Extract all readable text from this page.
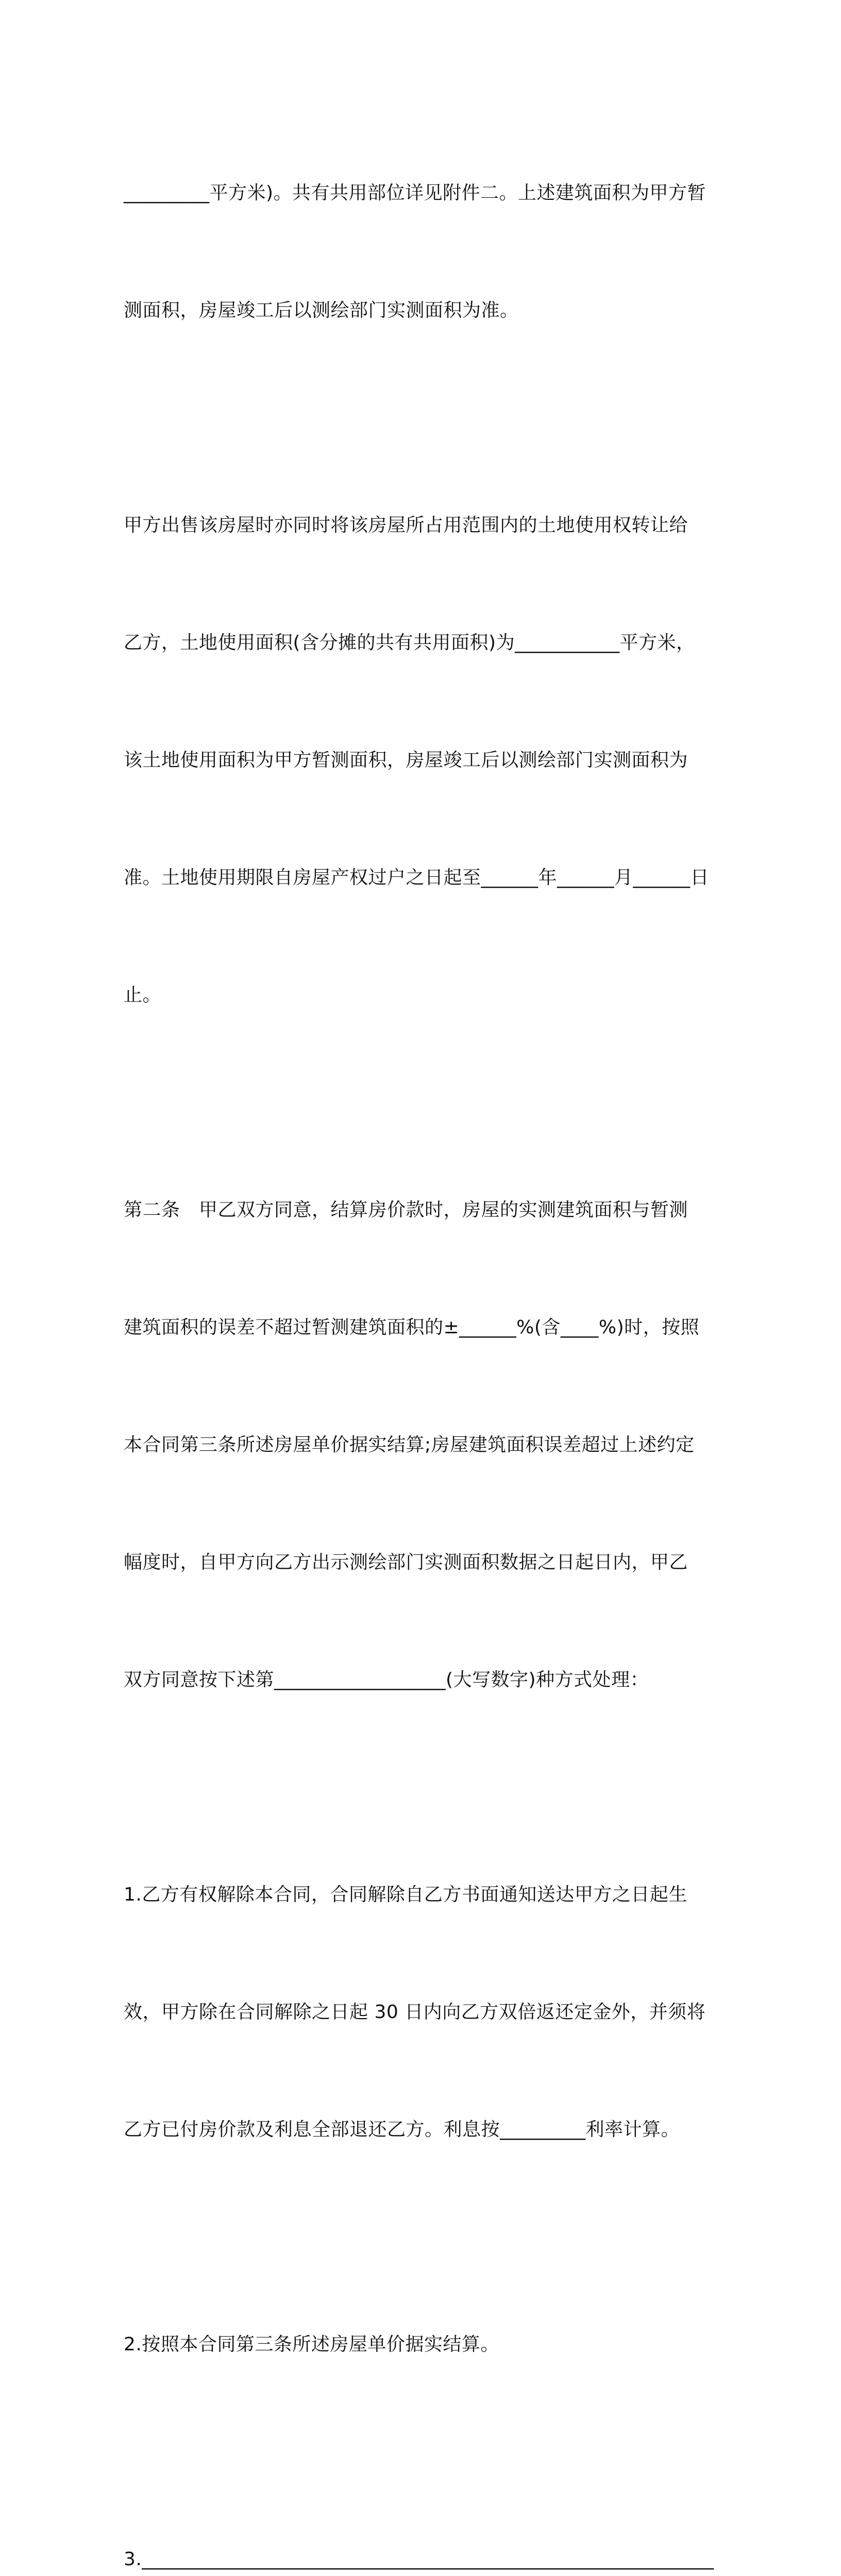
_________平方米)。共有共用部位详见附件二。上述建筑面积为甲方暂

测面积，房屋竣工后以测绘部门实测面积为准。

甲方出售该房屋时亦同时将该房屋所占用范围内的土地使用权转让给

乙方，土地使用面积(含分摊的共有共用面积)为___________平方米，

该土地使用面积为甲方暂测面积，房屋竣工后以测绘部门实测面积为

准。土地使用期限自房屋产权过户之日起至______年______月______日

止。

第二条　甲乙双方同意，结算房价款时，房屋的实测建筑面积与暂测

建筑面积的误差不超过暂测建筑面积的±______%(含____%)时，按照

本合同第三条所述房屋单价据实结算;房屋建筑面积误差超过上述约定

幅度时，自甲方向乙方出示测绘部门实测面积数据之日起日内，甲乙

双方同意按下述第__________________(大写数字)种方式处理：

1.乙方有权解除本合同，合同解除自乙方书面通知送达甲方之日起生

效，甲方除在合同解除之日起 30 日内向乙方双倍返还定金外，并须将

乙方已付房价款及利息全部退还乙方。利息按_________利率计算。

2.按照本合同第三条所述房屋单价据实结算。

3.____________________________________________________________
